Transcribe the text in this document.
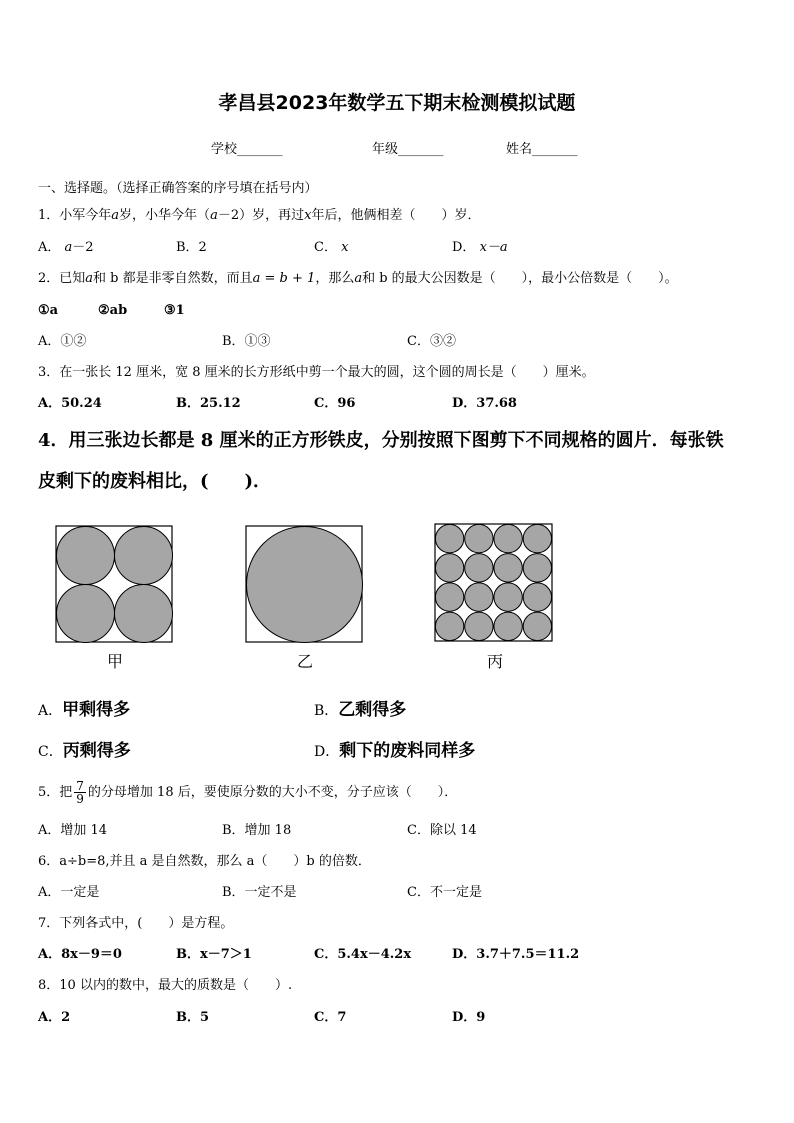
孝昌县2023年数学五下期末检测模拟试题
学校_______	年级_______	姓名_______
一、选择题。（选择正确答案的序号填在括号内）
1．小军今年a岁，小华今年（a－2）岁，再过x年后，他俩相差（　　）岁．
A． a－2	B．2	C． x	D． x－a
2．已知a和 b 都是非零自然数，而且a = b + 1，那么a和 b 的最大公因数是（　　），最小公倍数是（　　）。
①a	②ab	③1
A．①②	B．①③	C．③②
3．在一张长 12 厘米，宽 8 厘米的长方形纸中剪一个最大的圆，这个圆的周长是（　　）厘米。
A．50.24	B．25.12	C．96	D．37.68
4．用三张边长都是 8 厘米的正方形铁皮，分别按照下图剪下不同规格的圆片．每张铁
皮剩下的废料相比，(　　)．
甲	乙	丙
A．甲剩得多	B．乙剩得多
C．丙剩得多	D．剩下的废料同样多
5．把 $\frac{7}{9}$ 的分母增加 18 后，要使原分数的大小不变，分子应该（　　）．
A．增加 14	B．增加 18	C．除以 14
6．a÷b=8,并且 a 是自然数，那么 a（　　）b 的倍数．
A．一定是	B．一定不是	C．不一定是
7．下列各式中，(　　）是方程。
A．8x－9＝0	B．x－7＞1	C．5.4x－4.2x	D．3.7＋7.5＝11.2
8．10 以内的数中，最大的质数是（　　）.
A．2	B．5	C．7	D．9
